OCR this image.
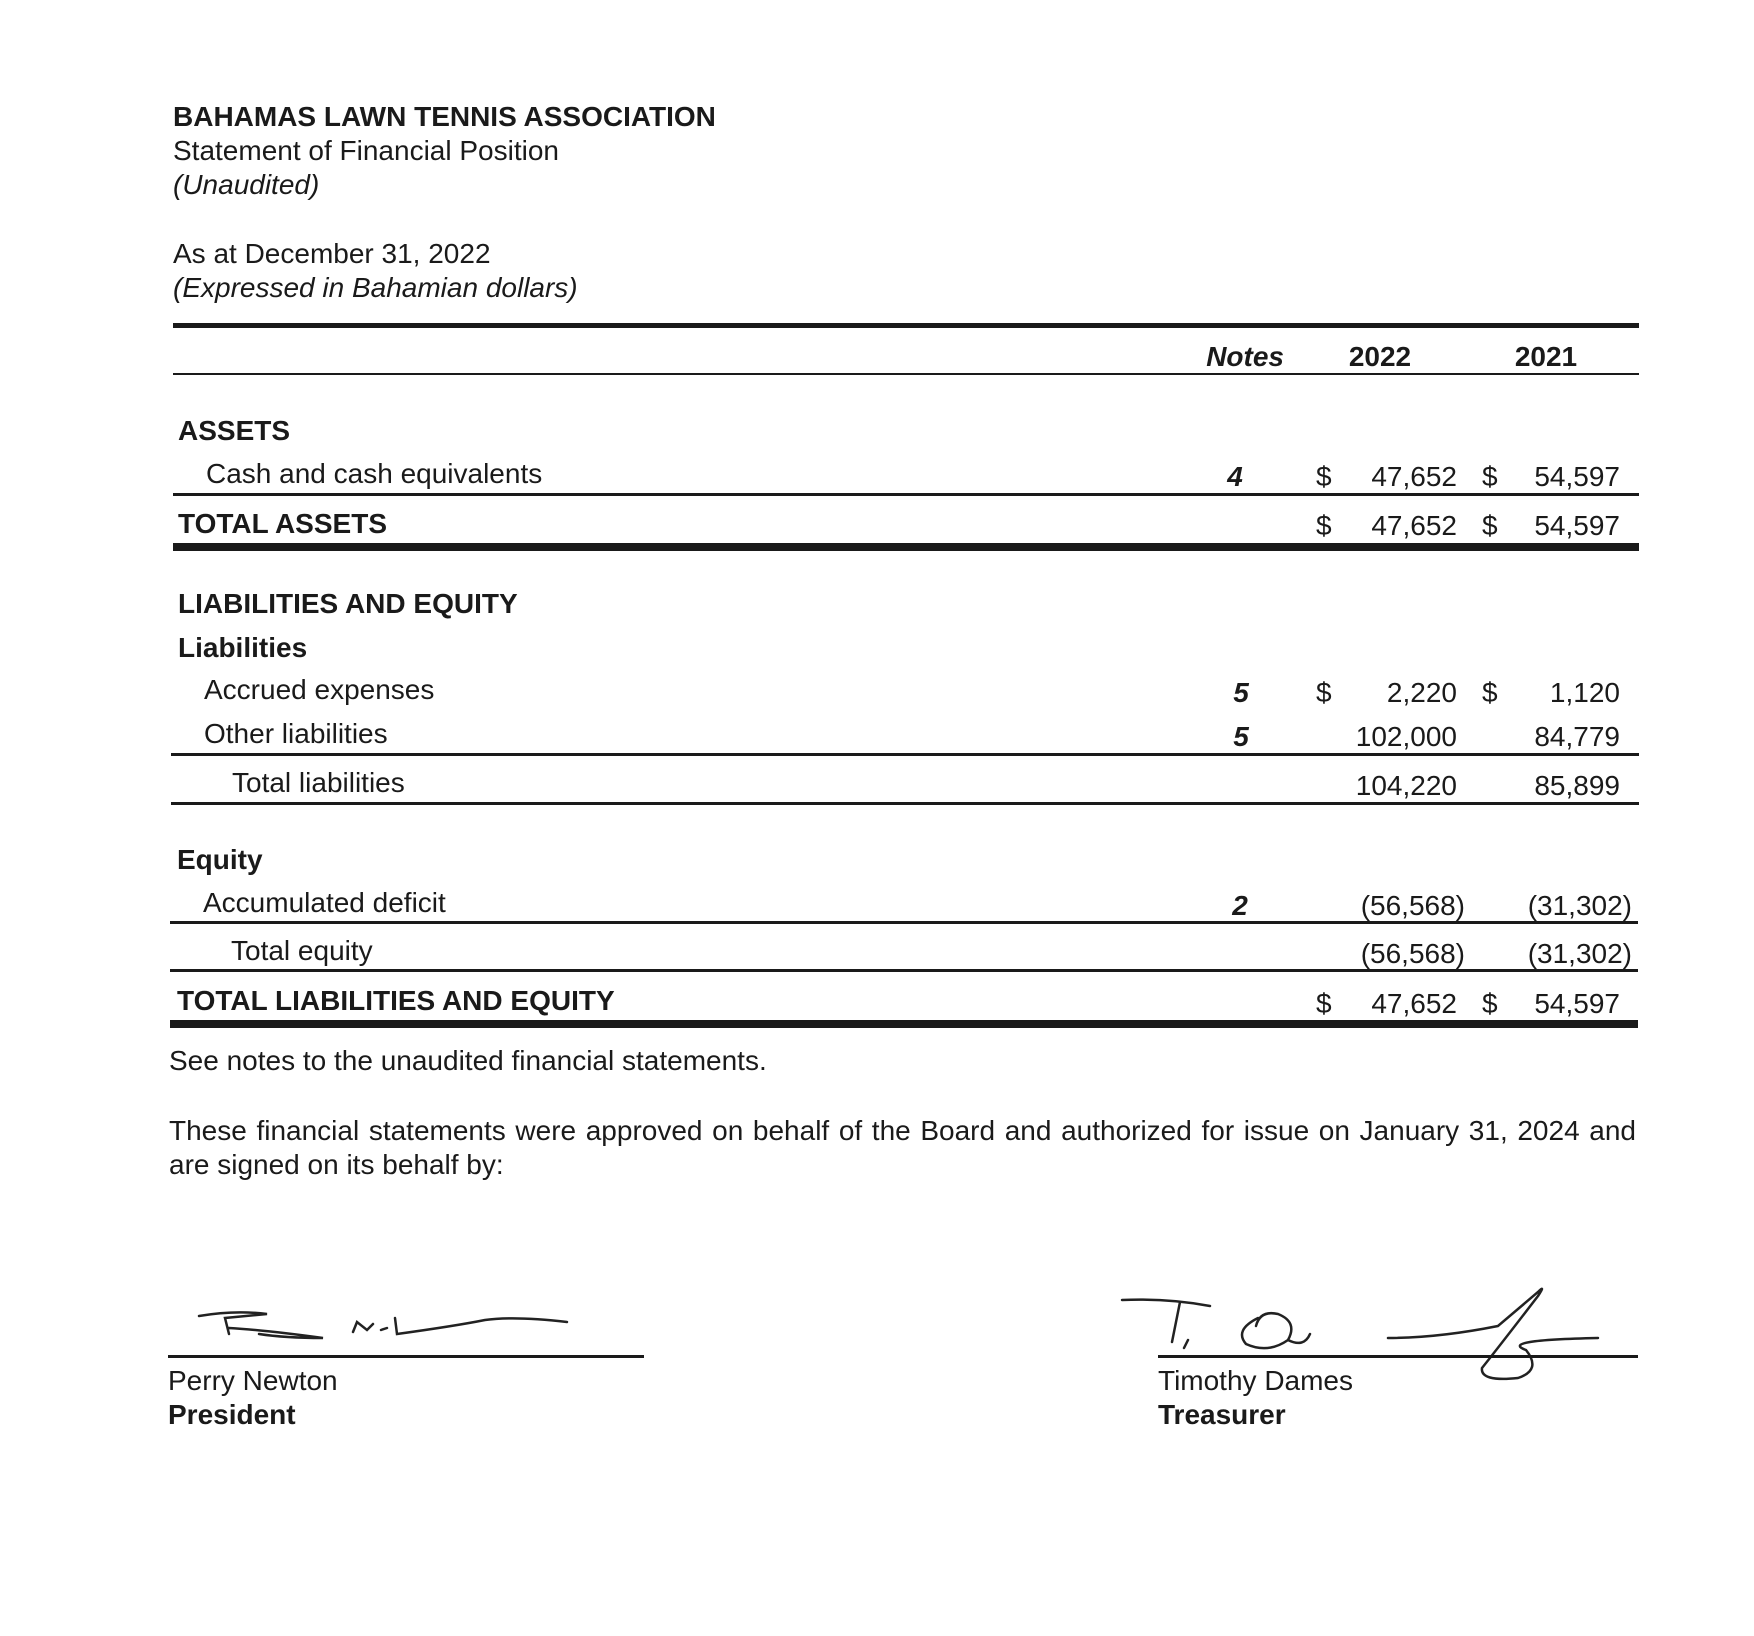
BAHAMAS LAWN TENNIS ASSOCIATION
Statement of Financial Position
(Unaudited)
As at December 31, 2022
(Expressed in Bahamian dollars)
Notes	2022	2021
ASSETS
Cash and cash equivalents	4	$	47,652 $	54,597
TOTAL ASSETS	$	47,652 $	54,597
LIABILITIES AND EQUITY
Liabilities
Accrued expenses	5 $	2,220 $	1,120
Other liabilities	5	102,000	84,779
Total liabilities	104,220	85,899
Equity
Accumulated deficit	2	(56,568)	(31,302)
Total equity	(56,568)	(31,302)
TOTAL LIABILITIES AND EQUITY	$	47,652 $	54,597
See notes to the unaudited financial statements.
These financial statements were approved on behalf of the Board and authorized for issue on January 31, 2024 and are signed on its behalf by:
Perry Newton
President
Timothy Dames
Treasurer
